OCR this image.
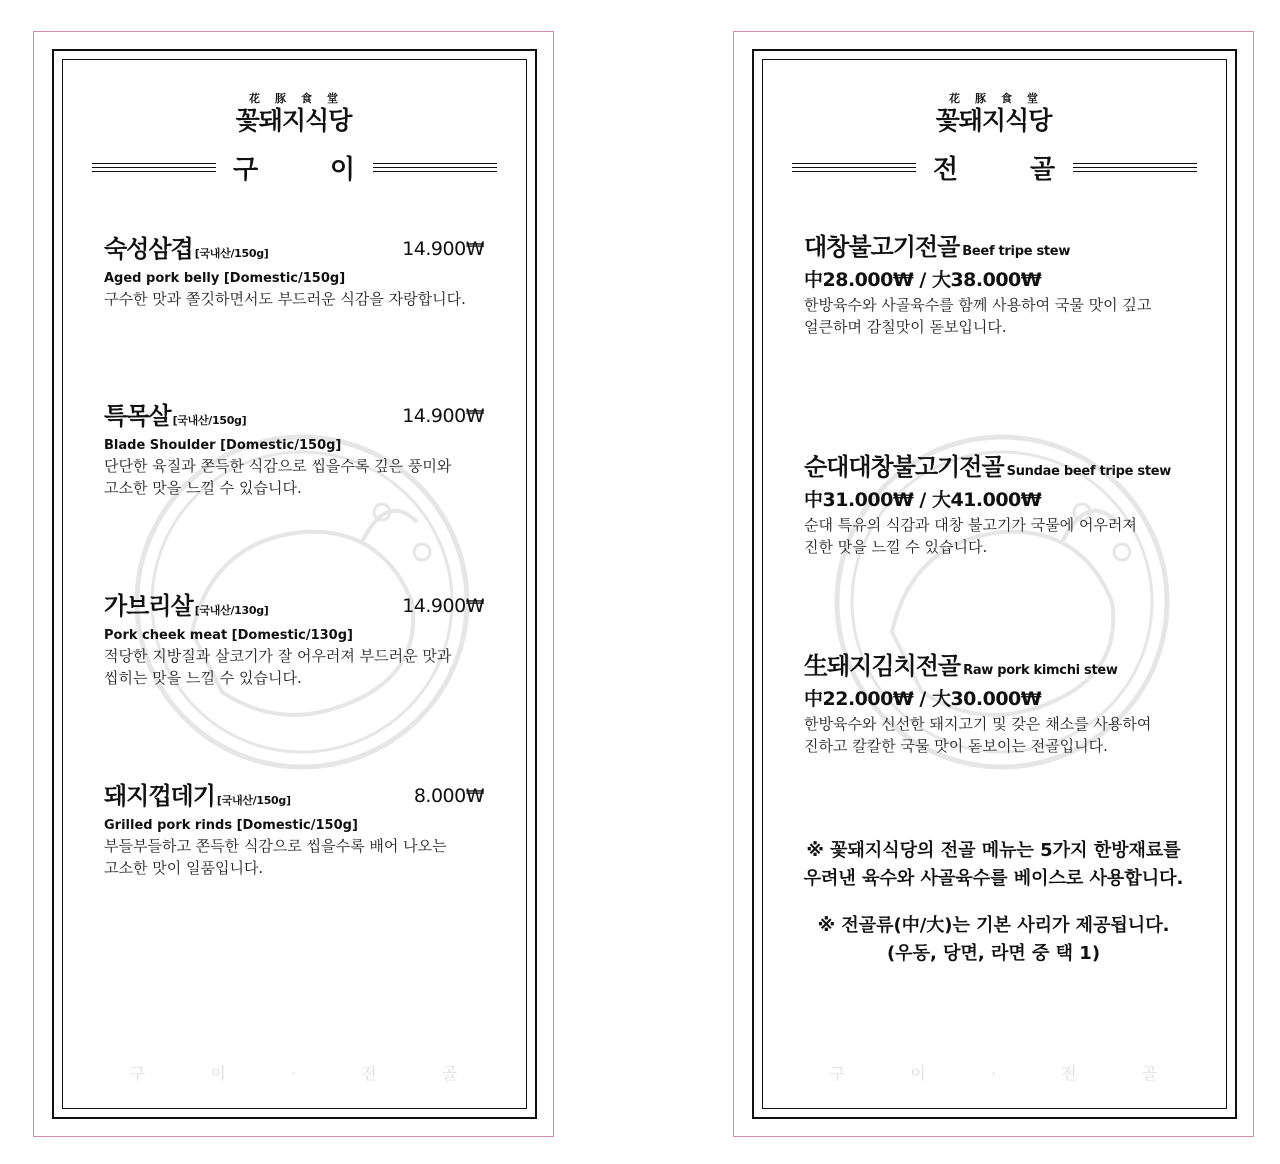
花豚食堂
꽃돼지식당
구	이
숙성삼겹 [국내산/150g]	14.900₩
Aged pork belly [Domestic/150g]
구수한 맛과 쫄깃하면서도 부드러운 식감을 자랑합니다.
특목살 [국내산/150g]	14.900₩
Blade Shoulder [Domestic/150g]
단단한 육질과 쫀득한 식감으로 씹을수록 깊은 풍미와
고소한 맛을 느낄 수 있습니다.
가브리살 [국내산/130g]	14.900₩
Pork cheek meat [Domestic/130g]
적당한 지방질과 살코기가 잘 어우러져 부드러운 맛과
씹히는 맛을 느낄 수 있습니다.
돼지껍데기 [국내산/150g]	8.000₩
Grilled pork rinds [Domestic/150g]
부들부들하고 쫀득한 식감으로 씹을수록 배어 나오는
고소한 맛이 일품입니다.
구 이 · 전 골
花豚食堂
꽃돼지식당
전	골
대창불고기전골 Beef tripe stew
中28.000₩ / 大38.000₩
한방육수와 사골육수를 함께 사용하여 국물 맛이 깊고
얼큰하며 감칠맛이 돋보입니다.
순대대창불고기전골 Sundae beef tripe stew
中31.000₩ / 大41.000₩
순대 특유의 식감과 대창 불고기가 국물에 어우러져
진한 맛을 느낄 수 있습니다.
生돼지김치전골 Raw pork kimchi stew
中22.000₩ / 大30.000₩
한방육수와 신선한 돼지고기 및 갖은 채소를 사용하여
진하고 칼칼한 국물 맛이 돋보이는 전골입니다.
※ 꽃돼지식당의 전골 메뉴는 5가지 한방재료를
우려낸 육수와 사골육수를 베이스로 사용합니다.
※ 전골류(中/大)는 기본 사리가 제공됩니다.
(우동, 당면, 라면 중 택 1)
구 이 · 전 골
